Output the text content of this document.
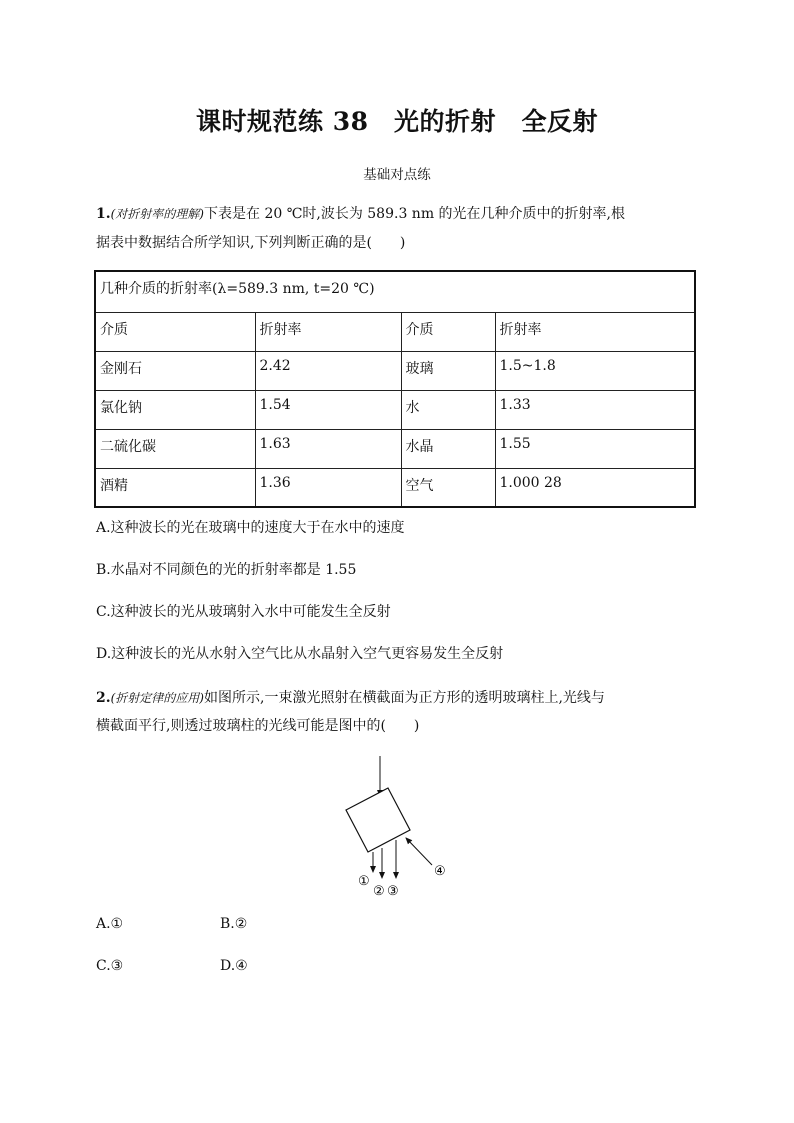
课时规范练 38　光的折射　全反射
基础对点练
1.(对折射率的理解)下表是在 20 ℃时,波长为 589.3 nm 的光在几种介质中的折射率,根
据表中数据结合所学知识,下列判断正确的是(　　)
几种介质的折射率(λ=589.3 nm, t=20 ℃)			
介质	折射率	介质	折射率
金刚石	2.42	玻璃	1.5~1.8
氯化钠	1.54	水	1.33
二硫化碳	1.63	水晶	1.55
酒精	1.36	空气	1.000 28
A.这种波长的光在玻璃中的速度大于在水中的速度
B.水晶对不同颜色的光的折射率都是 1.55
C.这种波长的光从玻璃射入水中可能发生全反射
D.这种波长的光从水射入空气比从水晶射入空气更容易发生全反射
2.(折射定律的应用)如图所示,一束激光照射在横截面为正方形的透明玻璃柱上,光线与
横截面平行,则透过玻璃柱的光线可能是图中的(　　)
①
② ③
④
A.①	B.②
C.③	D.④
